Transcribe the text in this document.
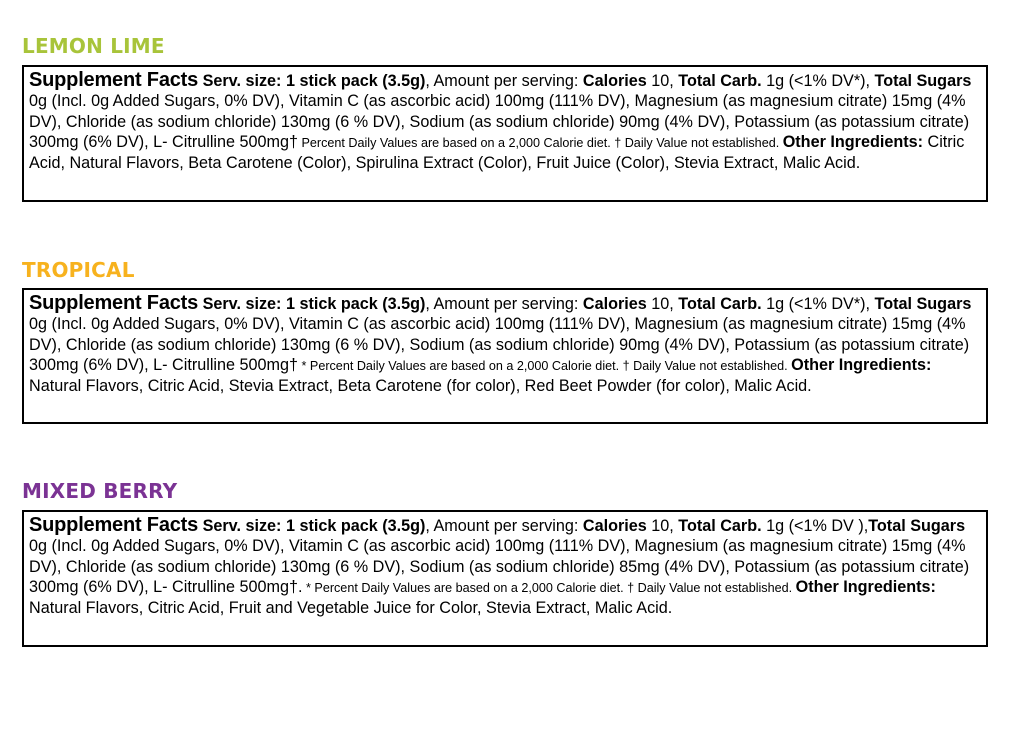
LEMON LIME

Supplement Facts Serv. size: 1 stick pack (3.5g), Amount per serving: Calories 10, Total Carb. 1g (<1% DV*), Total Sugars 0g (Incl. 0g Added Sugars, 0% DV), Vitamin C (as ascorbic acid) 100mg (111% DV), Magnesium (as magnesium citrate) 15mg (4% DV), Chloride (as sodium chloride) 130mg (6 % DV), Sodium (as sodium chloride) 90mg (4% DV), Potassium (as potassium citrate) 300mg (6% DV), L- Citrulline 500mg† Percent Daily Values are based on a 2,000 Calorie diet. † Daily Value not established. Other Ingredients: Citric Acid, Natural Flavors, Beta Carotene (Color), Spirulina Extract (Color), Fruit Juice (Color), Stevia Extract, Malic Acid.

TROPICAL

Supplement Facts Serv. size: 1 stick pack (3.5g), Amount per serving: Calories 10, Total Carb. 1g (<1% DV*), Total Sugars 0g (Incl. 0g Added Sugars, 0% DV), Vitamin C (as ascorbic acid) 100mg (111% DV), Magnesium (as magnesium citrate) 15mg (4% DV), Chloride (as sodium chloride) 130mg (6 % DV), Sodium (as sodium chloride) 90mg (4% DV), Potassium (as potassium citrate) 300mg (6% DV), L- Citrulline 500mg† * Percent Daily Values are based on a 2,000 Calorie diet. † Daily Value not established. Other Ingredients: Natural Flavors, Citric Acid, Stevia Extract, Beta Carotene (for color), Red Beet Powder (for color), Malic Acid.

MIXED BERRY

Supplement Facts Serv. size: 1 stick pack (3.5g), Amount per serving: Calories 10, Total Carb. 1g (<1% DV ),Total Sugars 0g (Incl. 0g Added Sugars, 0% DV), Vitamin C (as ascorbic acid) 100mg (111% DV), Magnesium (as magnesium citrate) 15mg (4% DV), Chloride (as sodium chloride) 130mg (6 % DV), Sodium (as sodium chloride) 85mg (4% DV), Potassium (as potassium citrate) 300mg (6% DV), L- Citrulline 500mg†. * Percent Daily Values are based on a 2,000 Calorie diet. † Daily Value not established. Other Ingredients: Natural Flavors, Citric Acid, Fruit and Vegetable Juice for Color, Stevia Extract, Malic Acid.
